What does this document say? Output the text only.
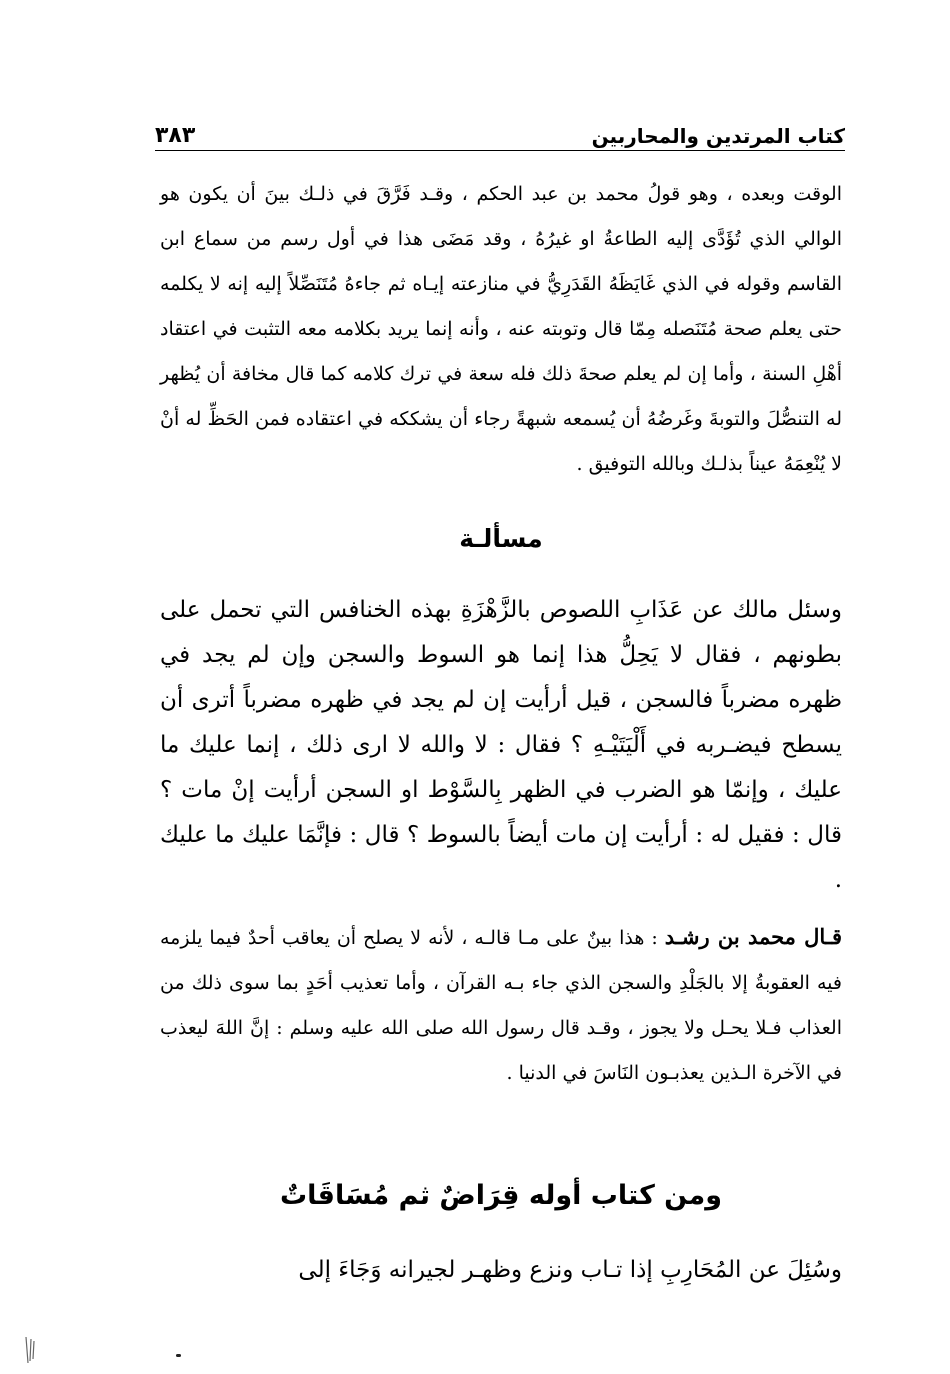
كتاب المرتدين والمحاربين
٣٨٣

الوقت وبعده ، وهو قولُ محمد بن عبد الحكم ، وقـد فَرَّقَ في ذلـك بينَ أن يكون هو الوالي الذي تُؤَدَّى إليه الطاعةُ او غيرُهُ ، وقد مَضَى هذا في أول رسم من سماع ابن القاسم وقوله في الذي غَايَظَهُ القَدَرِيُّ في منازعته إيـاه ثم جاءهُ مُتَنَصِّلاً إليه إنه لا يكلمه حتى يعلم صحة مُتَنَصله مِمّا قال وتوبته عنه ، وأنه إنما يريد بكلامه معه التثبت في اعتقاد أهْلِ السنة ، وأما إن لم يعلم صحةَ ذلك فله سعة في ترك كلامه كما قال مخافة أن يُظهر له التنصُّلَ والتوبةَ وغَرضُهُ أن يُسمعه شبهةً رجاء أن يشككه في اعتقاده فمن الحَظِّ له أنْ لا يُنْعِمَهُ عيناً بذلـك وبالله التوفيق .

مسألـة

وسئل مالك عن عَذَابِ اللصوص بالزَّهْزَةِ بهذه الخنافس التي تحمل على بطونهم ، فقال لا يَحِلُّ هذا إنما هو السوط والسجن وإن لم يجد في ظهره مضرباً فالسجن ، قيل أرأيت إن لم يجد في ظهره مضرباً أترى أن يسطح فيضـربه في أَلْيَتَيْـهِ ؟ فقال : لا والله لا ارى ذلك ، إنما عليك ما عليك ، وإنمّا هو الضرب في الظهر بِالسَّوْط او السجن أرأيت إنْ مات ؟ قال : فقيل له : أرأيت إن مات أيضاً بالسوط ؟ قال : فإنَّمَا عليك ما عليك .

قـال محمد بن رشـد : هذا بينٌ على مـا قالـه ، لأنه لا يصلح أن يعاقب أحدٌ فيما يلزمه فيه العقوبةُ إلا بالجَلْدِ والسجن الذي جاء بـه القرآن ، وأما تعذيب أحَدٍ بما سوى ذلك من العذاب فـلا يحـل ولا يجوز ، وقـد قال رسول الله صلى الله عليه وسلم : إنَّ اللهَ ليعذب في الآخرة الـذين يعذبـون النَاسَ في الدنيا .

ومن كتاب أوله قِرَاضٌ ثم مُسَاقَاتٌ

وسُئِلَ عن المُحَارِبِ إذا تـاب ونزع وظهـر لجيرانه وَجَاءَ إلى
